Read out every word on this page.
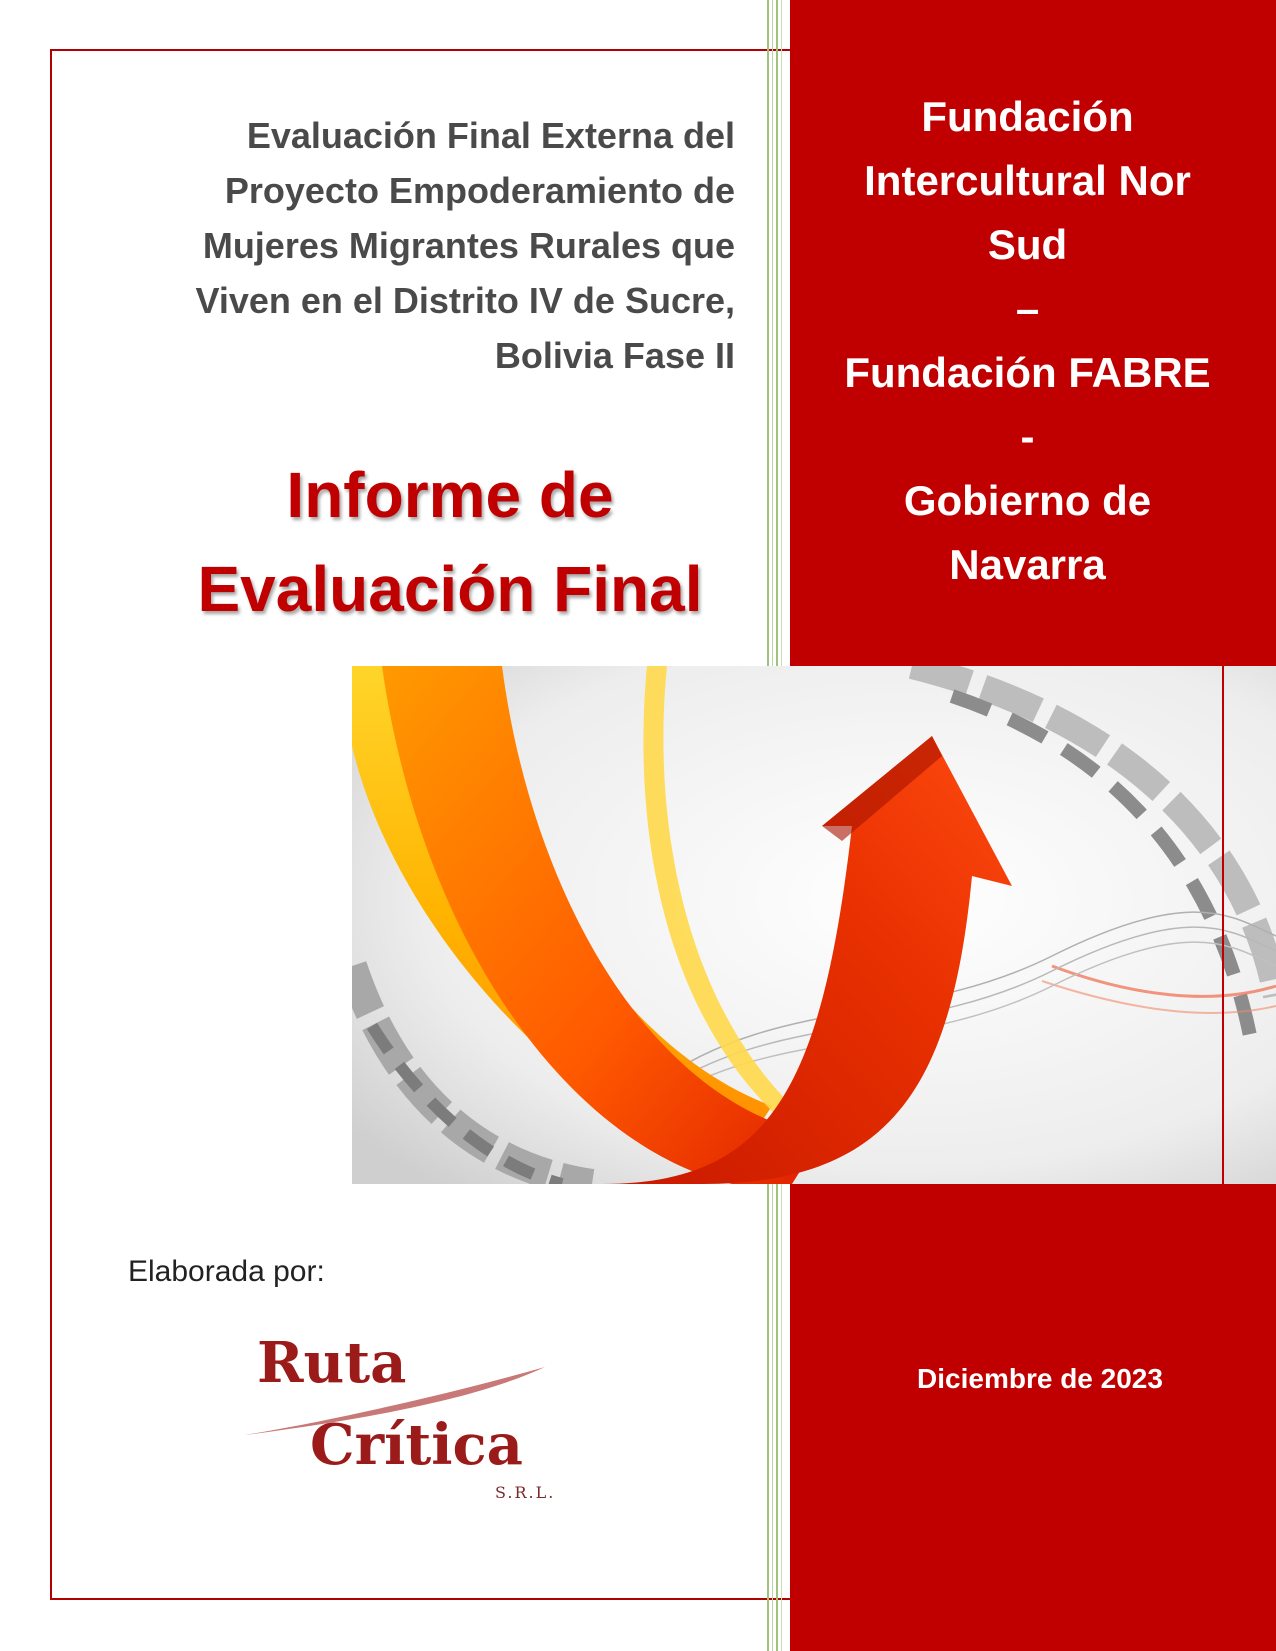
Evaluación Final Externa del
Proyecto Empoderamiento de
Mujeres Migrantes Rurales que
Viven en el Distrito IV de Sucre,
Bolivia Fase II
Informe de
Evaluación Final
Fundación
Intercultural Nor
Sud
–
Fundación FABRE
-
Gobierno de
Navarra
Elaborada por:
Ruta
Crítica
S.R.L.
Diciembre de 2023
